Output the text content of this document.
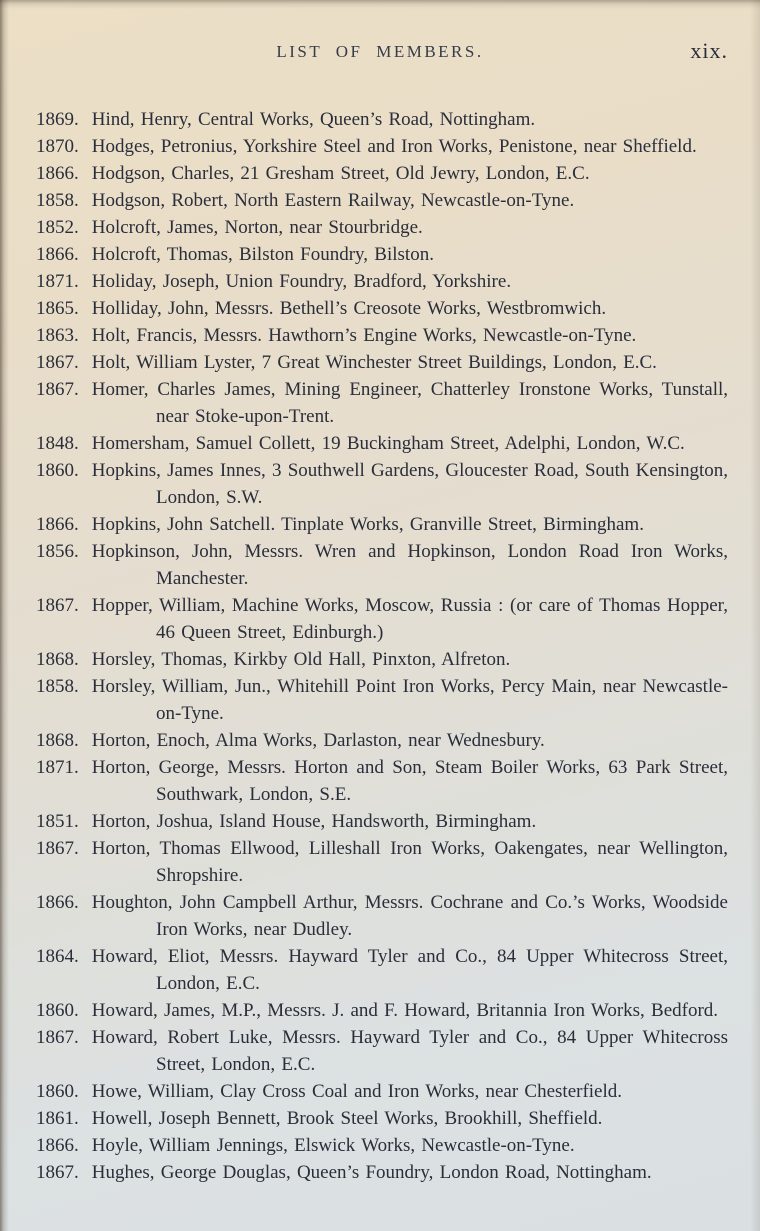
LIST OF MEMBERS.	xix.
1869. Hind, Henry, Central Works, Queen’s Road, Nottingham.
1870. Hodges, Petronius, Yorkshire Steel and Iron Works, Penistone, near Sheffield.
1866. Hodgson, Charles, 21 Gresham Street, Old Jewry, London, E.C.
1858. Hodgson, Robert, North Eastern Railway, Newcastle-on-Tyne.
1852. Holcroft, James, Norton, near Stourbridge.
1866. Holcroft, Thomas, Bilston Foundry, Bilston.
1871. Holiday, Joseph, Union Foundry, Bradford, Yorkshire.
1865. Holliday, John, Messrs. Bethell’s Creosote Works, Westbromwich.
1863. Holt, Francis, Messrs. Hawthorn’s Engine Works, Newcastle-on-Tyne.
1867. Holt, William Lyster, 7 Great Winchester Street Buildings, London, E.C.
1867. Homer, Charles James, Mining Engineer, Chatterley Ironstone Works, Tunstall, near Stoke-upon-Trent.
1848. Homersham, Samuel Collett, 19 Buckingham Street, Adelphi, London, W.C.
1860. Hopkins, James Innes, 3 Southwell Gardens, Gloucester Road, South Kensington, London, S.W.
1866. Hopkins, John Satchell. Tinplate Works, Granville Street, Birmingham.
1856. Hopkinson, John, Messrs. Wren and Hopkinson, London Road Iron Works, Manchester.
1867. Hopper, William, Machine Works, Moscow, Russia : (or care of Thomas Hopper, 46 Queen Street, Edinburgh.)
1868. Horsley, Thomas, Kirkby Old Hall, Pinxton, Alfreton.
1858. Horsley, William, Jun., Whitehill Point Iron Works, Percy Main, near Newcastle-on-Tyne.
1868. Horton, Enoch, Alma Works, Darlaston, near Wednesbury.
1871. Horton, George, Messrs. Horton and Son, Steam Boiler Works, 63 Park Street, Southwark, London, S.E.
1851. Horton, Joshua, Island House, Handsworth, Birmingham.
1867. Horton, Thomas Ellwood, Lilleshall Iron Works, Oakengates, near Wellington, Shropshire.
1866. Houghton, John Campbell Arthur, Messrs. Cochrane and Co.’s Works, Woodside Iron Works, near Dudley.
1864. Howard, Eliot, Messrs. Hayward Tyler and Co., 84 Upper Whitecross Street, London, E.C.
1860. Howard, James, M.P., Messrs. J. and F. Howard, Britannia Iron Works, Bedford.
1867. Howard, Robert Luke, Messrs. Hayward Tyler and Co., 84 Upper Whitecross Street, London, E.C.
1860. Howe, William, Clay Cross Coal and Iron Works, near Chesterfield.
1861. Howell, Joseph Bennett, Brook Steel Works, Brookhill, Sheffield.
1866. Hoyle, William Jennings, Elswick Works, Newcastle-on-Tyne.
1867. Hughes, George Douglas, Queen’s Foundry, London Road, Nottingham.
